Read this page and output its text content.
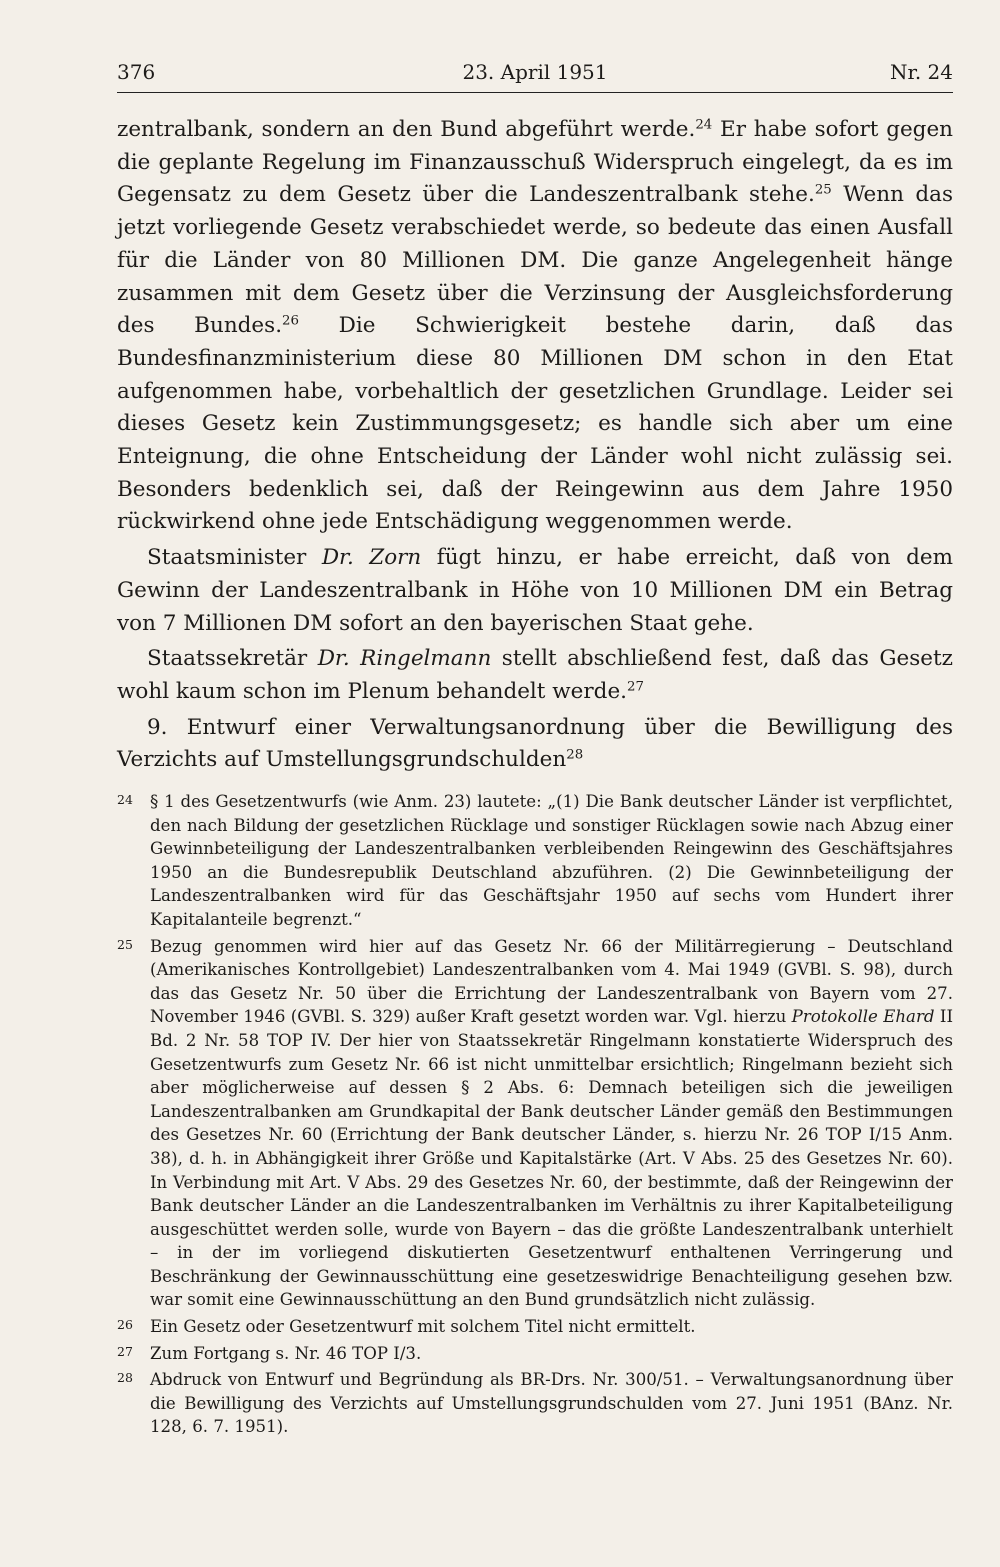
23. April 1951
376	Nr. 24

zentralbank, sondern an den Bund abgeführt werde.$^{24}$ Er habe sofort gegen die geplante Regelung im Finanzausschuß Widerspruch eingelegt, da es im Gegensatz zu dem Gesetz über die Landeszentralbank stehe.$^{25}$ Wenn das jetzt vorliegende Gesetz verabschiedet werde, so bedeute das einen Ausfall für die Länder von 80 Millionen DM. Die ganze Angelegenheit hänge zusammen mit dem Gesetz über die Verzinsung der Ausgleichsforderung des Bundes.$^{26}$ Die Schwierigkeit bestehe darin, daß das Bundesfinanzministerium diese 80 Millionen DM schon in den Etat aufgenommen habe, vorbehaltlich der gesetzlichen Grundlage. Leider sei dieses Gesetz kein Zustimmungsgesetz; es handle sich aber um eine Enteignung, die ohne Entscheidung der Länder wohl nicht zulässig sei. Besonders bedenklich sei, daß der Reingewinn aus dem Jahre 1950 rückwirkend ohne jede Entschädigung weggenommen werde.

Staatsminister Dr. Zorn fügt hinzu, er habe erreicht, daß von dem Gewinn der Landeszentralbank in Höhe von 10 Millionen DM ein Betrag von 7 Millionen DM sofort an den bayerischen Staat gehe.

Staatssekretär Dr. Ringelmann stellt abschließend fest, daß das Gesetz wohl kaum schon im Plenum behandelt werde.$^{27}$

9. Entwurf einer Verwaltungsanordnung über die Bewilligung des Verzichts auf Umstellungsgrundschulden$^{28}$

24 § 1 des Gesetzentwurfs (wie Anm. 23) lautete: „(1) Die Bank deutscher Länder ist verpflichtet, den nach Bildung der gesetzlichen Rücklage und sonstiger Rücklagen sowie nach Abzug einer Gewinnbeteiligung der Landeszentralbanken verbleibenden Reingewinn des Geschäftsjahres 1950 an die Bundesrepublik Deutschland abzuführen. (2) Die Gewinnbeteiligung der Landeszentralbanken wird für das Geschäftsjahr 1950 auf sechs vom Hundert ihrer Kapitalanteile begrenzt.“
25 Bezug genommen wird hier auf das Gesetz Nr. 66 der Militärregierung – Deutschland (Amerikanisches Kontrollgebiet) Landeszentralbanken vom 4. Mai 1949 (GVBl. S. 98), durch das das Gesetz Nr. 50 über die Errichtung der Landeszentralbank von Bayern vom 27. November 1946 (GVBl. S. 329) außer Kraft gesetzt worden war. Vgl. hierzu Protokolle Ehard II Bd. 2 Nr. 58 TOP IV. Der hier von Staatssekretär Ringelmann konstatierte Widerspruch des Gesetzentwurfs zum Gesetz Nr. 66 ist nicht unmittelbar ersichtlich; Ringelmann bezieht sich aber möglicherweise auf dessen § 2 Abs. 6: Demnach beteiligen sich die jeweiligen Landeszentralbanken am Grundkapital der Bank deutscher Länder gemäß den Bestimmungen des Gesetzes Nr. 60 (Errichtung der Bank deutscher Länder, s. hierzu Nr. 26 TOP I/15 Anm. 38), d. h. in Abhängigkeit ihrer Größe und Kapitalstärke (Art. V Abs. 25 des Gesetzes Nr. 60). In Verbindung mit Art. V Abs. 29 des Gesetzes Nr. 60, der bestimmte, daß der Reingewinn der Bank deutscher Länder an die Landeszentralbanken im Verhältnis zu ihrer Kapitalbeteiligung ausgeschüttet werden solle, wurde von Bayern – das die größte Landeszentralbank unterhielt – in der im vorliegend diskutierten Gesetzentwurf enthaltenen Verringerung und Beschränkung der Gewinnausschüttung eine gesetzeswidrige Benachteiligung gesehen bzw. war somit eine Gewinnausschüttung an den Bund grundsätzlich nicht zulässig.
26 Ein Gesetz oder Gesetzentwurf mit solchem Titel nicht ermittelt.
27 Zum Fortgang s. Nr. 46 TOP I/3.
28 Abdruck von Entwurf und Begründung als BR-Drs. Nr. 300/51. – Verwaltungsanordnung über die Bewilligung des Verzichts auf Umstellungsgrundschulden vom 27. Juni 1951 (BAnz. Nr. 128, 6. 7. 1951).
